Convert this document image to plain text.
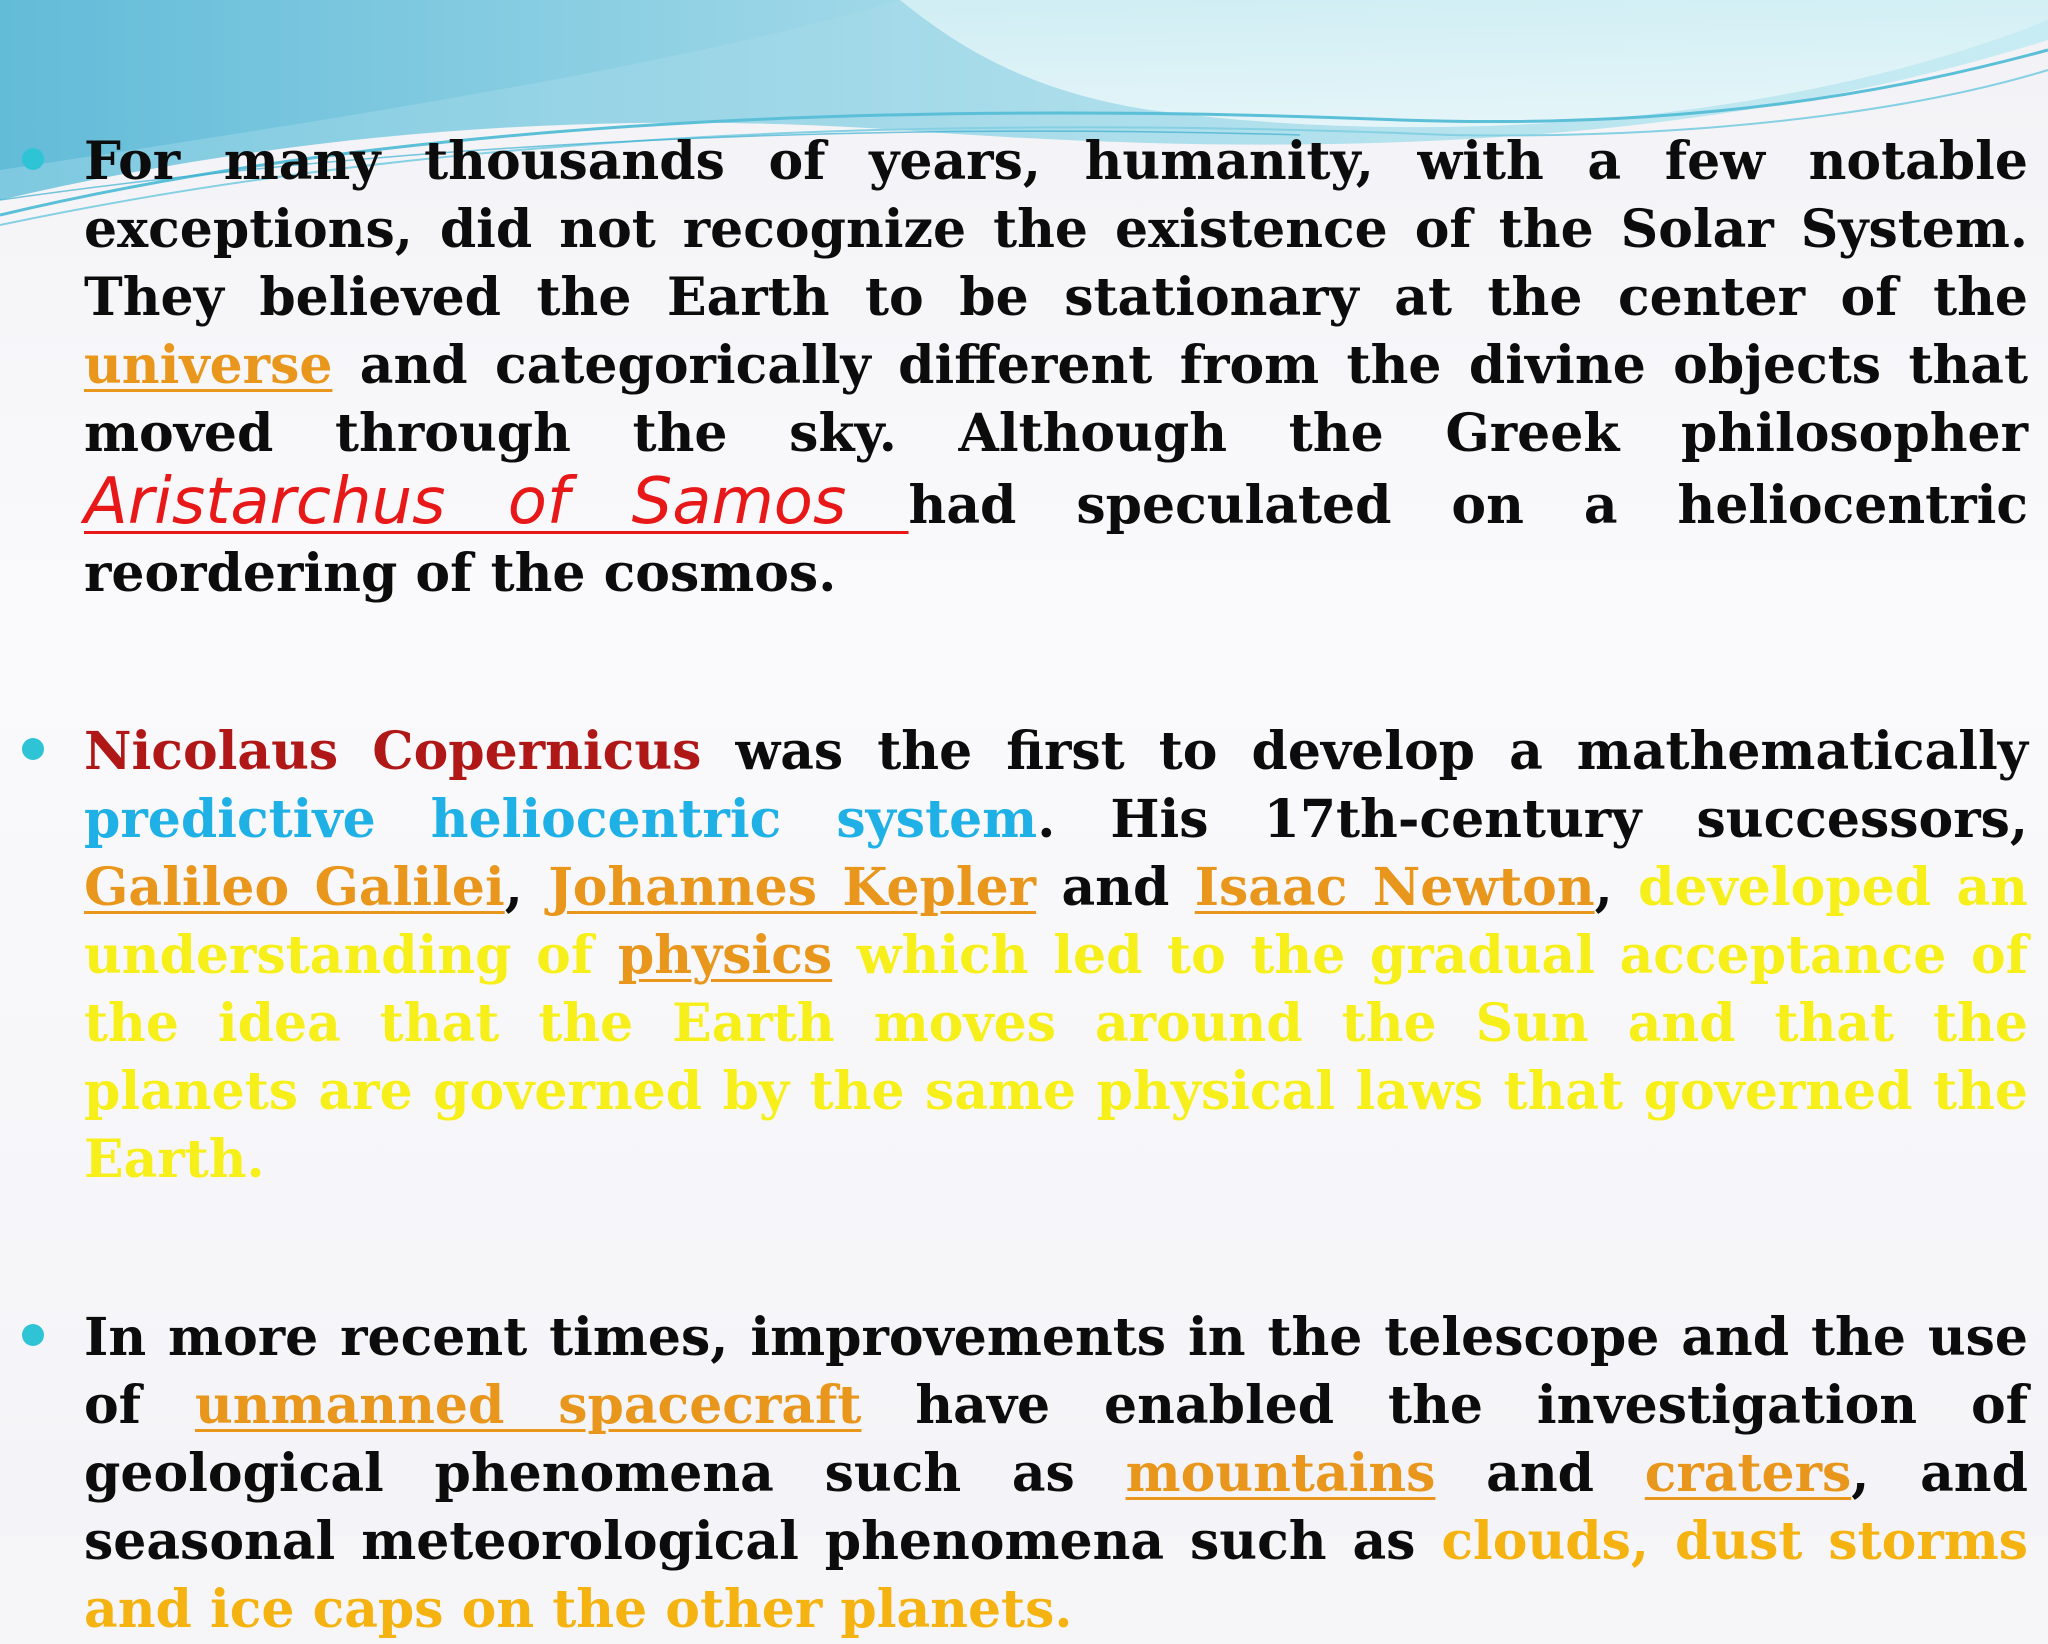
For many thousands of years, humanity, with a few notable exceptions, did not recognize the existence of the Solar System. They believed the Earth to be stationary at the center of the universe and categorically different from the divine objects that moved through the sky. Although the Greek philosopher Aristarchus of Samos had speculated on a heliocentric reordering of the cosmos.

Nicolaus Copernicus was the first to develop a mathematically predictive heliocentric system. His 17th-century successors, Galileo Galilei, Johannes Kepler and Isaac Newton, developed an understanding of physics which led to the gradual acceptance of the idea that the Earth moves around the Sun and that the planets are governed by the same physical laws that governed the Earth.

In more recent times, improvements in the telescope and the use of unmanned spacecraft have enabled the investigation of geological phenomena such as mountains and craters, and seasonal meteorological phenomena such as clouds, dust storms and ice caps on the other planets.
